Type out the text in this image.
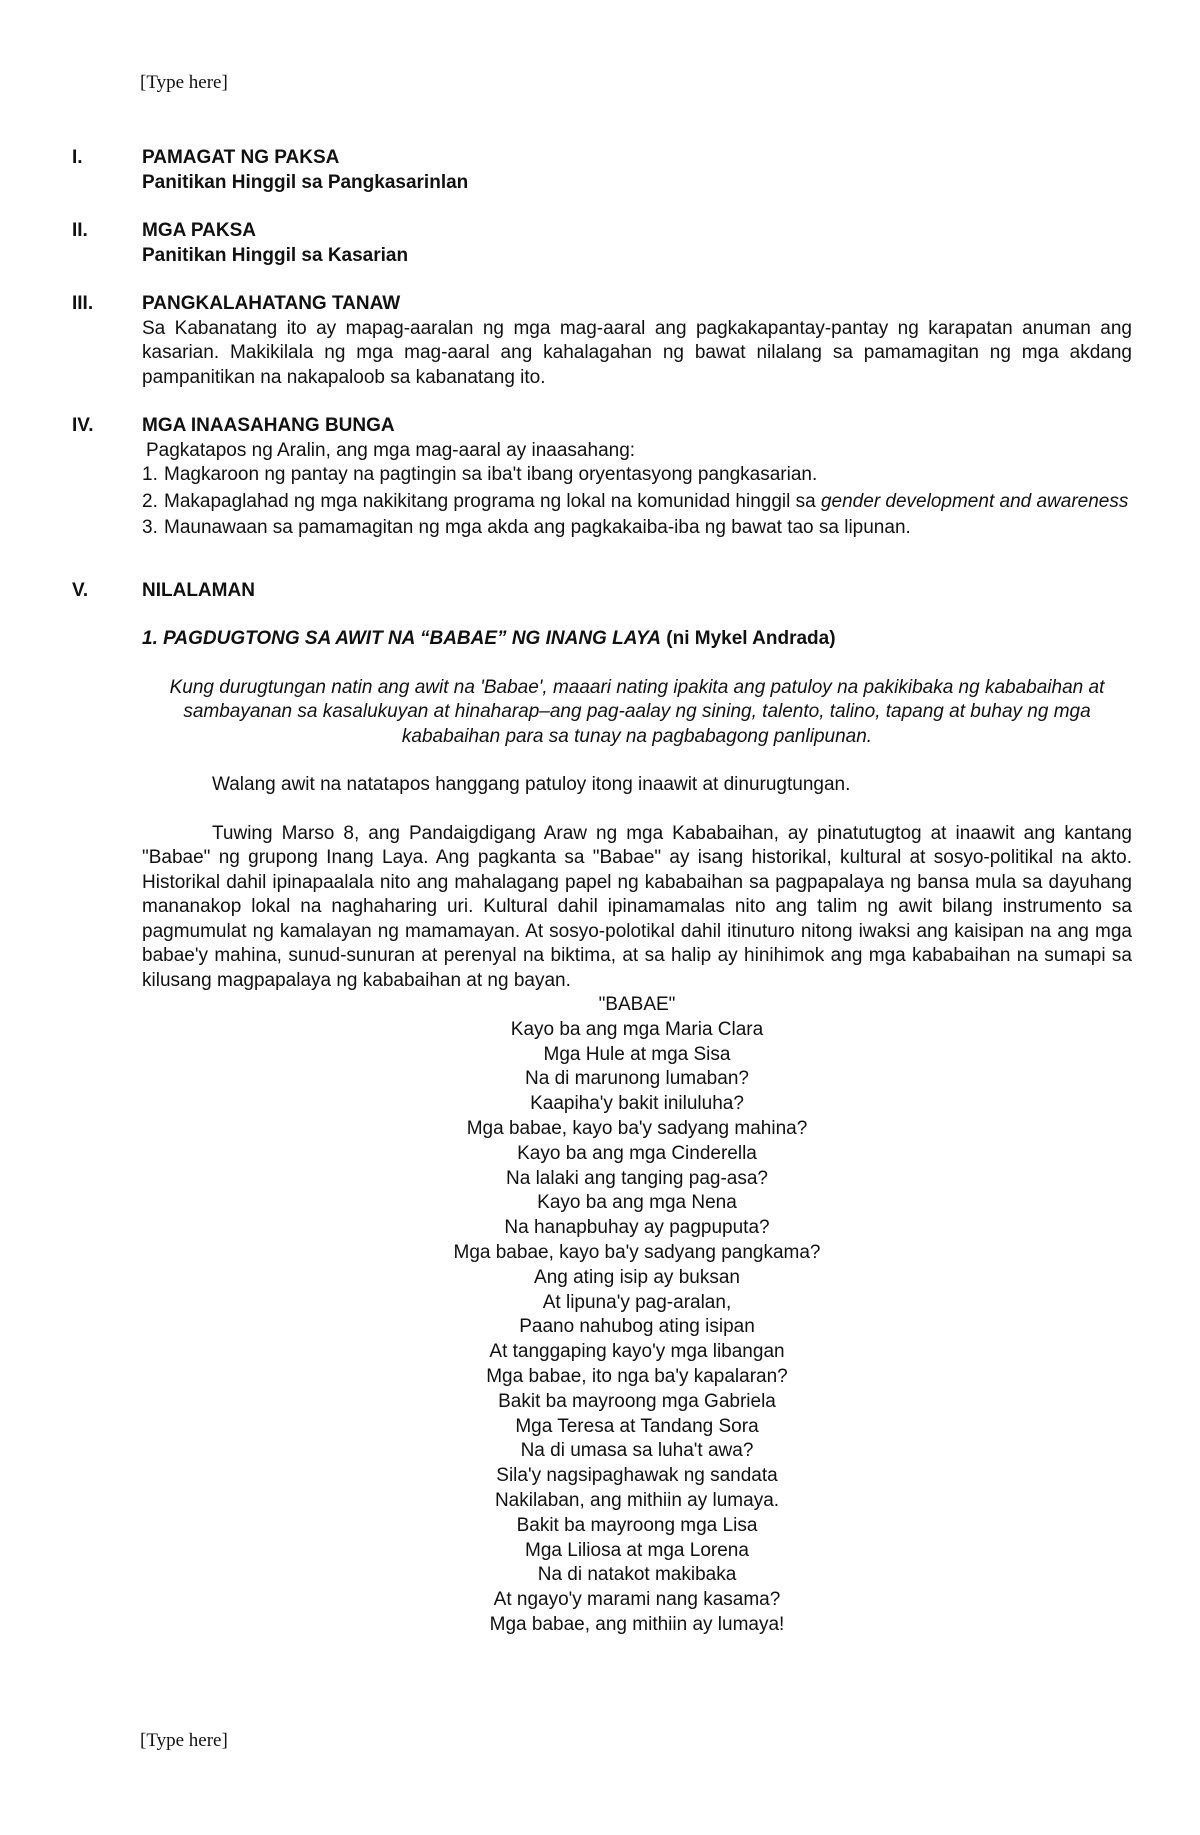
[Type here]
I.	PAMAGAT NG PAKSA
Panitikan Hinggil sa Pangkasarinlan
II.	MGA PAKSA
Panitikan Hinggil sa Kasarian
III.	PANGKALAHATANG TANAW
Sa Kabanatang ito ay mapag-aaralan ng mga mag-aaral ang pagkakapantay-pantay ng karapatan anuman ang kasarian. Makikilala ng mga mag-aaral ang kahalagahan ng bawat nilalang sa pamamagitan ng mga akdang pampanitikan na nakapaloob sa kabanatang ito.
IV.	MGA INAASAHANG BUNGA
Pagkatapos ng Aralin, ang mga mag-aaral ay inaasahang:
1. Magkaroon ng pantay na pagtingin sa iba't ibang oryentasyong pangkasarian.
2. Makapaglahad ng mga nakikitang programa ng lokal na komunidad hinggil sa gender development and awareness
3. Maunawaan sa pamamagitan ng mga akda ang pagkakaiba-iba ng bawat tao sa lipunan.
V.	NILALAMAN
1. PAGDUGTONG SA AWIT NA “BABAE” NG INANG LAYA (ni Mykel Andrada)
Kung durugtungan natin ang awit na 'Babae', maaari nating ipakita ang patuloy na pakikibaka ng kababaihan at sambayanan sa kasalukuyan at hinaharap–ang pag-aalay ng sining, talento, talino, tapang at buhay ng mga kababaihan para sa tunay na pagbabagong panlipunan.
Walang awit na natatapos hanggang patuloy itong inaawit at dinurugtungan.
Tuwing Marso 8, ang Pandaigdigang Araw ng mga Kababaihan, ay pinatutugtog at inaawit ang kantang "Babae" ng grupong Inang Laya. Ang pagkanta sa "Babae" ay isang historikal, kultural at sosyo-politikal na akto. Historikal dahil ipinapaalala nito ang mahalagang papel ng kababaihan sa pagpapalaya ng bansa mula sa dayuhang mananakop lokal na naghaharing uri. Kultural dahil ipinamamalas nito ang talim ng awit bilang instrumento sa pagmumulat ng kamalayan ng mamamayan. At sosyo-polotikal dahil itinuturo nitong iwaksi ang kaisipan na ang mga babae'y mahina, sunud-sunuran at perenyal na biktima, at sa halip ay hinihimok ang mga kababaihan na sumapi sa kilusang magpapalaya ng kababaihan at ng bayan.
"BABAE"
Kayo ba ang mga Maria Clara
Mga Hule at mga Sisa
Na di marunong lumaban?
Kaapiha'y bakit iniluluha?
Mga babae, kayo ba'y sadyang mahina?
Kayo ba ang mga Cinderella
Na lalaki ang tanging pag-asa?
Kayo ba ang mga Nena
Na hanapbuhay ay pagpuputa?
Mga babae, kayo ba'y sadyang pangkama?
Ang ating isip ay buksan
At lipuna'y pag-aralan,
Paano nahubog ating isipan
At tanggaping kayo'y mga libangan
Mga babae, ito nga ba'y kapalaran?
Bakit ba mayroong mga Gabriela
Mga Teresa at Tandang Sora
Na di umasa sa luha't awa?
Sila'y nagsipaghawak ng sandata
Nakilaban, ang mithiin ay lumaya.
Bakit ba mayroong mga Lisa
Mga Liliosa at mga Lorena
Na di natakot makibaka
At ngayo'y marami nang kasama?
Mga babae, ang mithiin ay lumaya!
[Type here]
